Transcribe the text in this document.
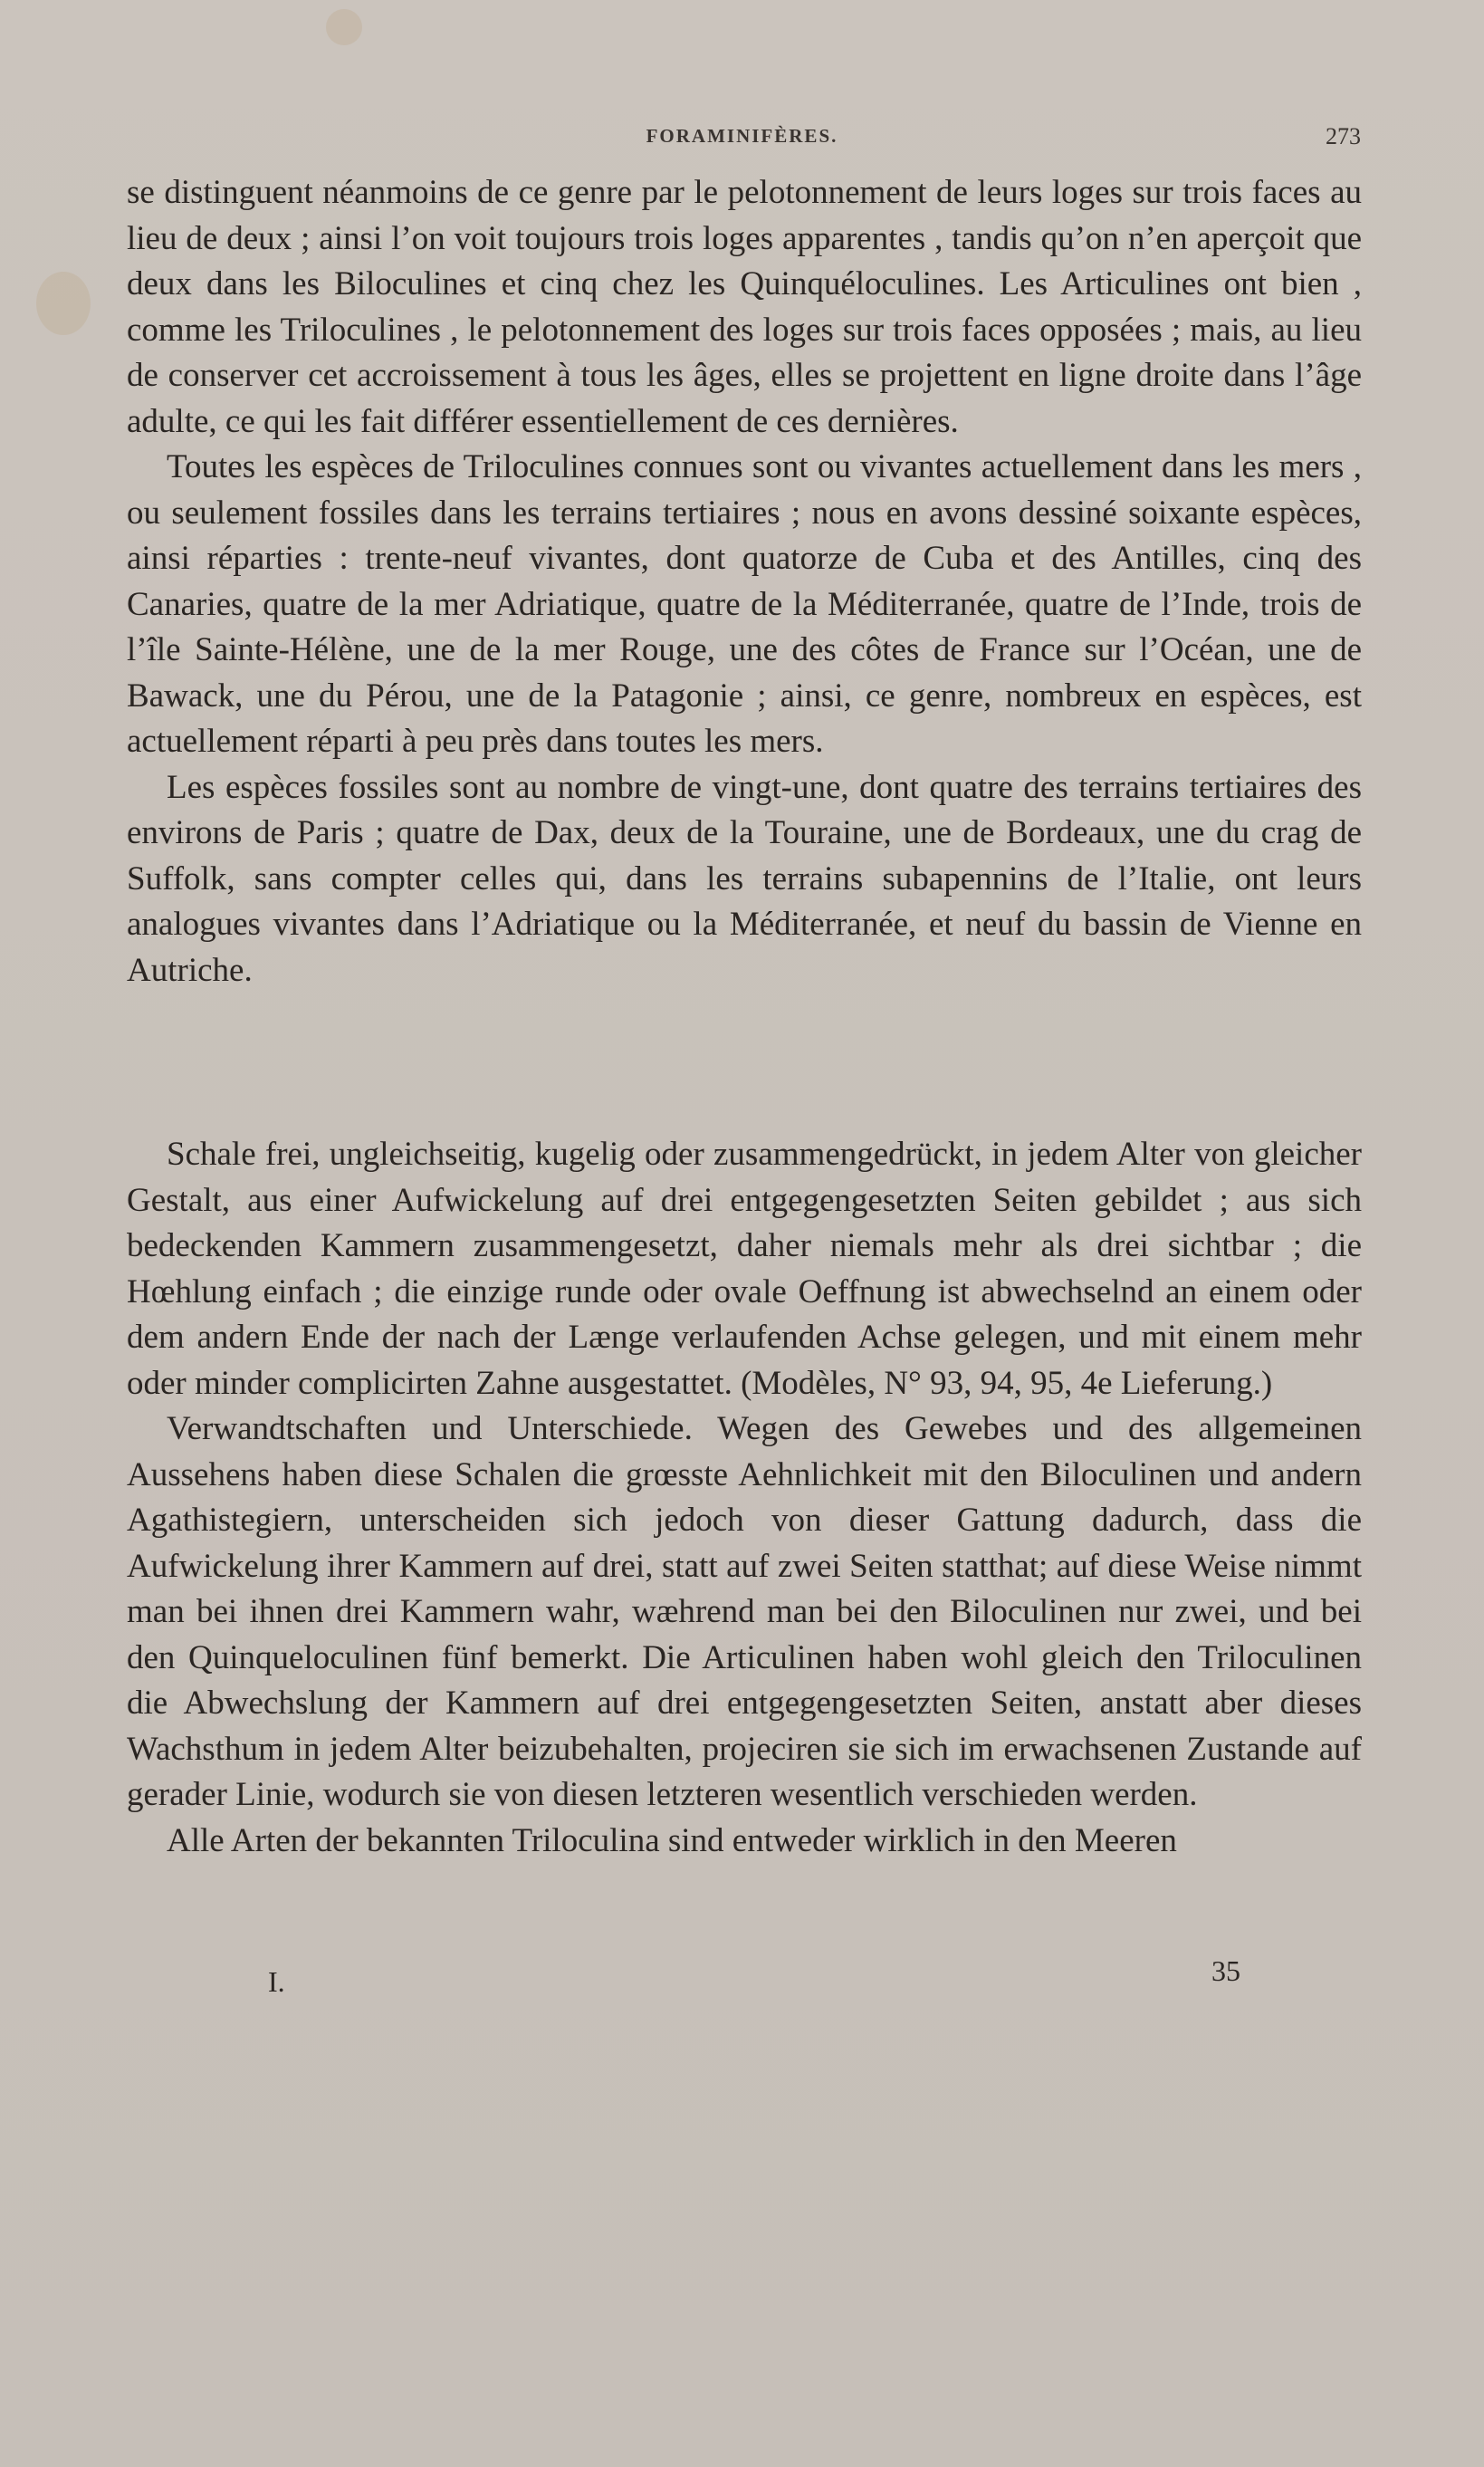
FORAMINIFÈRES.	273

se distinguent néanmoins de ce genre par le pelotonnement de leurs loges sur trois faces au lieu de deux ; ainsi l’on voit toujours trois loges apparentes , tandis qu’on n’en aperçoit que deux dans les Biloculines et cinq chez les Quinquéloculines. Les Articulines ont bien , comme les Triloculines , le pelotonnement des loges sur trois faces opposées ; mais, au lieu de conserver cet accroissement à tous les âges, elles se projettent en ligne droite dans l’âge adulte, ce qui les fait différer essentiellement de ces dernières.

Toutes les espèces de Triloculines connues sont ou vivantes actuellement dans les mers , ou seulement fossiles dans les terrains tertiaires ; nous en avons dessiné soixante espèces, ainsi réparties : trente-neuf vivantes, dont quatorze de Cuba et des Antilles, cinq des Canaries, quatre de la mer Adriatique, quatre de la Méditerranée, quatre de l’Inde, trois de l’île Sainte-Hélène, une de la mer Rouge, une des côtes de France sur l’Océan, une de Bawack, une du Pérou, une de la Patagonie ; ainsi, ce genre, nombreux en espèces, est actuellement réparti à peu près dans toutes les mers.

Les espèces fossiles sont au nombre de vingt-une, dont quatre des terrains tertiaires des environs de Paris ; quatre de Dax, deux de la Touraine, une de Bordeaux, une du crag de Suffolk, sans compter celles qui, dans les terrains subapennins de l’Italie, ont leurs analogues vivantes dans l’Adriatique ou la Méditerranée, et neuf du bassin de Vienne en Autriche.

Schale frei, ungleichseitig, kugelig oder zusammengedrückt, in jedem Alter von gleicher Gestalt, aus einer Aufwickelung auf drei entgegengesetzten Seiten gebildet ; aus sich bedeckenden Kammern zusammengesetzt, daher niemals mehr als drei sichtbar ; die Hœhlung einfach ; die einzige runde oder ovale Oeffnung ist abwechselnd an einem oder dem andern Ende der nach der Længe verlaufenden Achse gelegen, und mit einem mehr oder minder complicirten Zahne ausgestattet. (Modèles, N° 93, 94, 95, 4e Lieferung.)

Verwandtschaften und Unterschiede. Wegen des Gewebes und des allgemeinen Aussehens haben diese Schalen die grœsste Aehnlichkeit mit den Biloculinen und andern Agathistegiern, unterscheiden sich jedoch von dieser Gattung dadurch, dass die Aufwickelung ihrer Kammern auf drei, statt auf zwei Seiten statthat; auf diese Weise nimmt man bei ihnen drei Kammern wahr, wæhrend man bei den Biloculinen nur zwei, und bei den Quinqueloculinen fünf bemerkt. Die Articulinen haben wohl gleich den Triloculinen die Abwechslung der Kammern auf drei entgegengesetzten Seiten, anstatt aber dieses Wachsthum in jedem Alter beizubehalten, projeciren sie sich im erwachsenen Zustande auf gerader Linie, wodurch sie von diesen letzteren wesentlich verschieden werden.

Alle Arten der bekannten Triloculina sind entweder wirklich in den Meeren

I.	35
